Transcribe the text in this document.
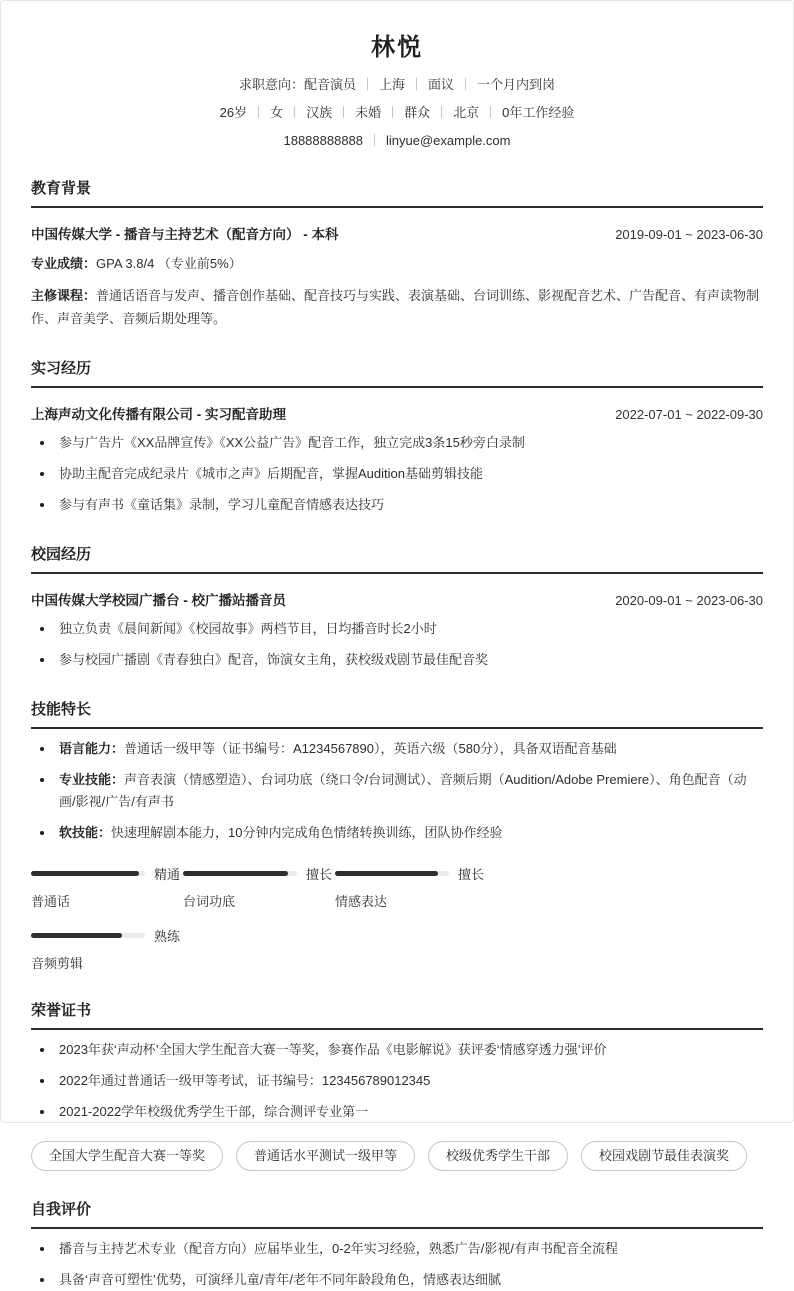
林悦
求职意向：配音演员 上海 面议 一个月内到岗
26岁 女 汉族 未婚 群众 北京 0年工作经验
18888888888 linyue@example.com
教育背景
中国传媒大学 - 播音与主持艺术（配音方向） - 本科	2019-09-01 ~ 2023-06-30
专业成绩：GPA 3.8/4 （专业前5%）
主修课程：普通话语音与发声、播音创作基础、配音技巧与实践、表演基础、台词训练、影视配音艺术、广告配音、有声读物制作、声音美学、音频后期处理等。
实习经历
上海声动文化传播有限公司 - 实习配音助理	2022-07-01 ~ 2022-09-30
参与广告片《XX品牌宣传》《XX公益广告》配音工作，独立完成3条15秒旁白录制
协助主配音完成纪录片《城市之声》后期配音，掌握Audition基础剪辑技能
参与有声书《童话集》录制，学习儿童配音情感表达技巧
校园经历
中国传媒大学校园广播台 - 校广播站播音员	2020-09-01 ~ 2023-06-30
独立负责《晨间新闻》《校园故事》两档节目，日均播音时长2小时
参与校园广播剧《青春独白》配音，饰演女主角，获校级戏剧节最佳配音奖
技能特长
语言能力：普通话一级甲等（证书编号：A1234567890），英语六级（580分），具备双语配音基础
专业技能：声音表演（情感塑造）、台词功底（绕口令/台词测试）、音频后期（Audition/Adobe Premiere）、角色配音（动画/影视/广告/有声书
软技能：快速理解剧本能力，10分钟内完成角色情绪转换训练，团队协作经验
精通
普通话
擅长
台词功底
擅长
情感表达
熟练
音频剪辑
荣誉证书
2023年获‘声动杯’全国大学生配音大赛一等奖，参赛作品《电影解说》获评委‘情感穿透力强’评价
2022年通过普通话一级甲等考试，证书编号：123456789012345
2021-2022学年校级优秀学生干部，综合测评专业第一
全国大学生配音大赛一等奖	普通话水平测试一级甲等	校级优秀学生干部	校园戏剧节最佳表演奖
自我评价
播音与主持艺术专业（配音方向）应届毕业生，0-2年实习经验，熟悉广告/影视/有声书配音全流程
具备‘声音可塑性’优势，可演绎儿童/青年/老年不同年龄段角色，情感表达细腻
